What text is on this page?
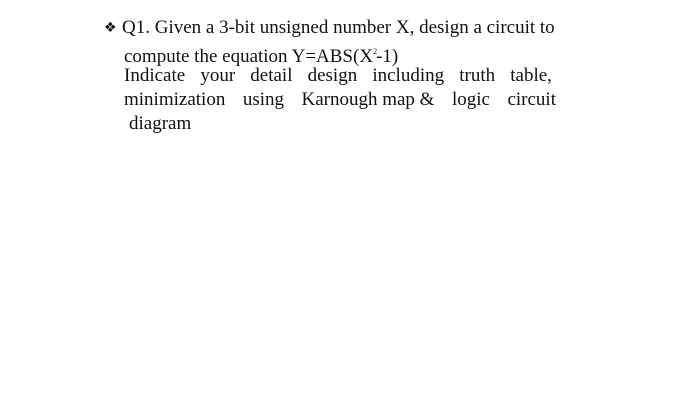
❖ Q1. Given a 3-bit unsigned number X, design a circuit to
compute the equation $Y=ABS(X^2-1)$
Indicate your detail design including truth table,
minimization using Karnough map & logic circuit
diagram
